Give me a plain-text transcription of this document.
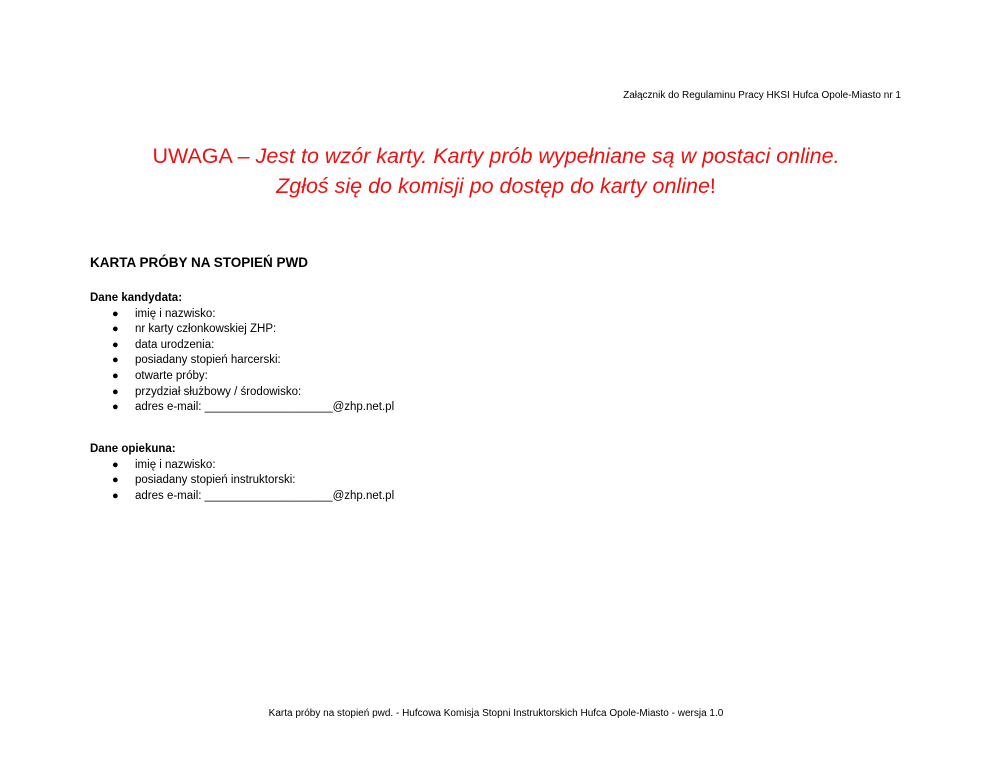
Załącznik do Regulaminu Pracy HKSI Hufca Opole-Miasto nr 1
UWAGA – Jest to wzór karty. Karty prób wypełniane są w postaci online.
Zgłoś się do komisji po dostęp do karty online!
KARTA PRÓBY NA STOPIEŃ PWD
Dane kandydata:
● imię i nazwisko:
● nr karty członkowskiej ZHP:
● data urodzenia:
● posiadany stopień harcerski:
● otwarte próby:
● przydział służbowy / środowisko:
● adres e-mail: ____________________@zhp.net.pl
Dane opiekuna:
● imię i nazwisko:
● posiadany stopień instruktorski:
● adres e-mail: ____________________@zhp.net.pl
Karta próby na stopień pwd. - Hufcowa Komisja Stopni Instruktorskich Hufca Opole-Miasto - wersja 1.0
